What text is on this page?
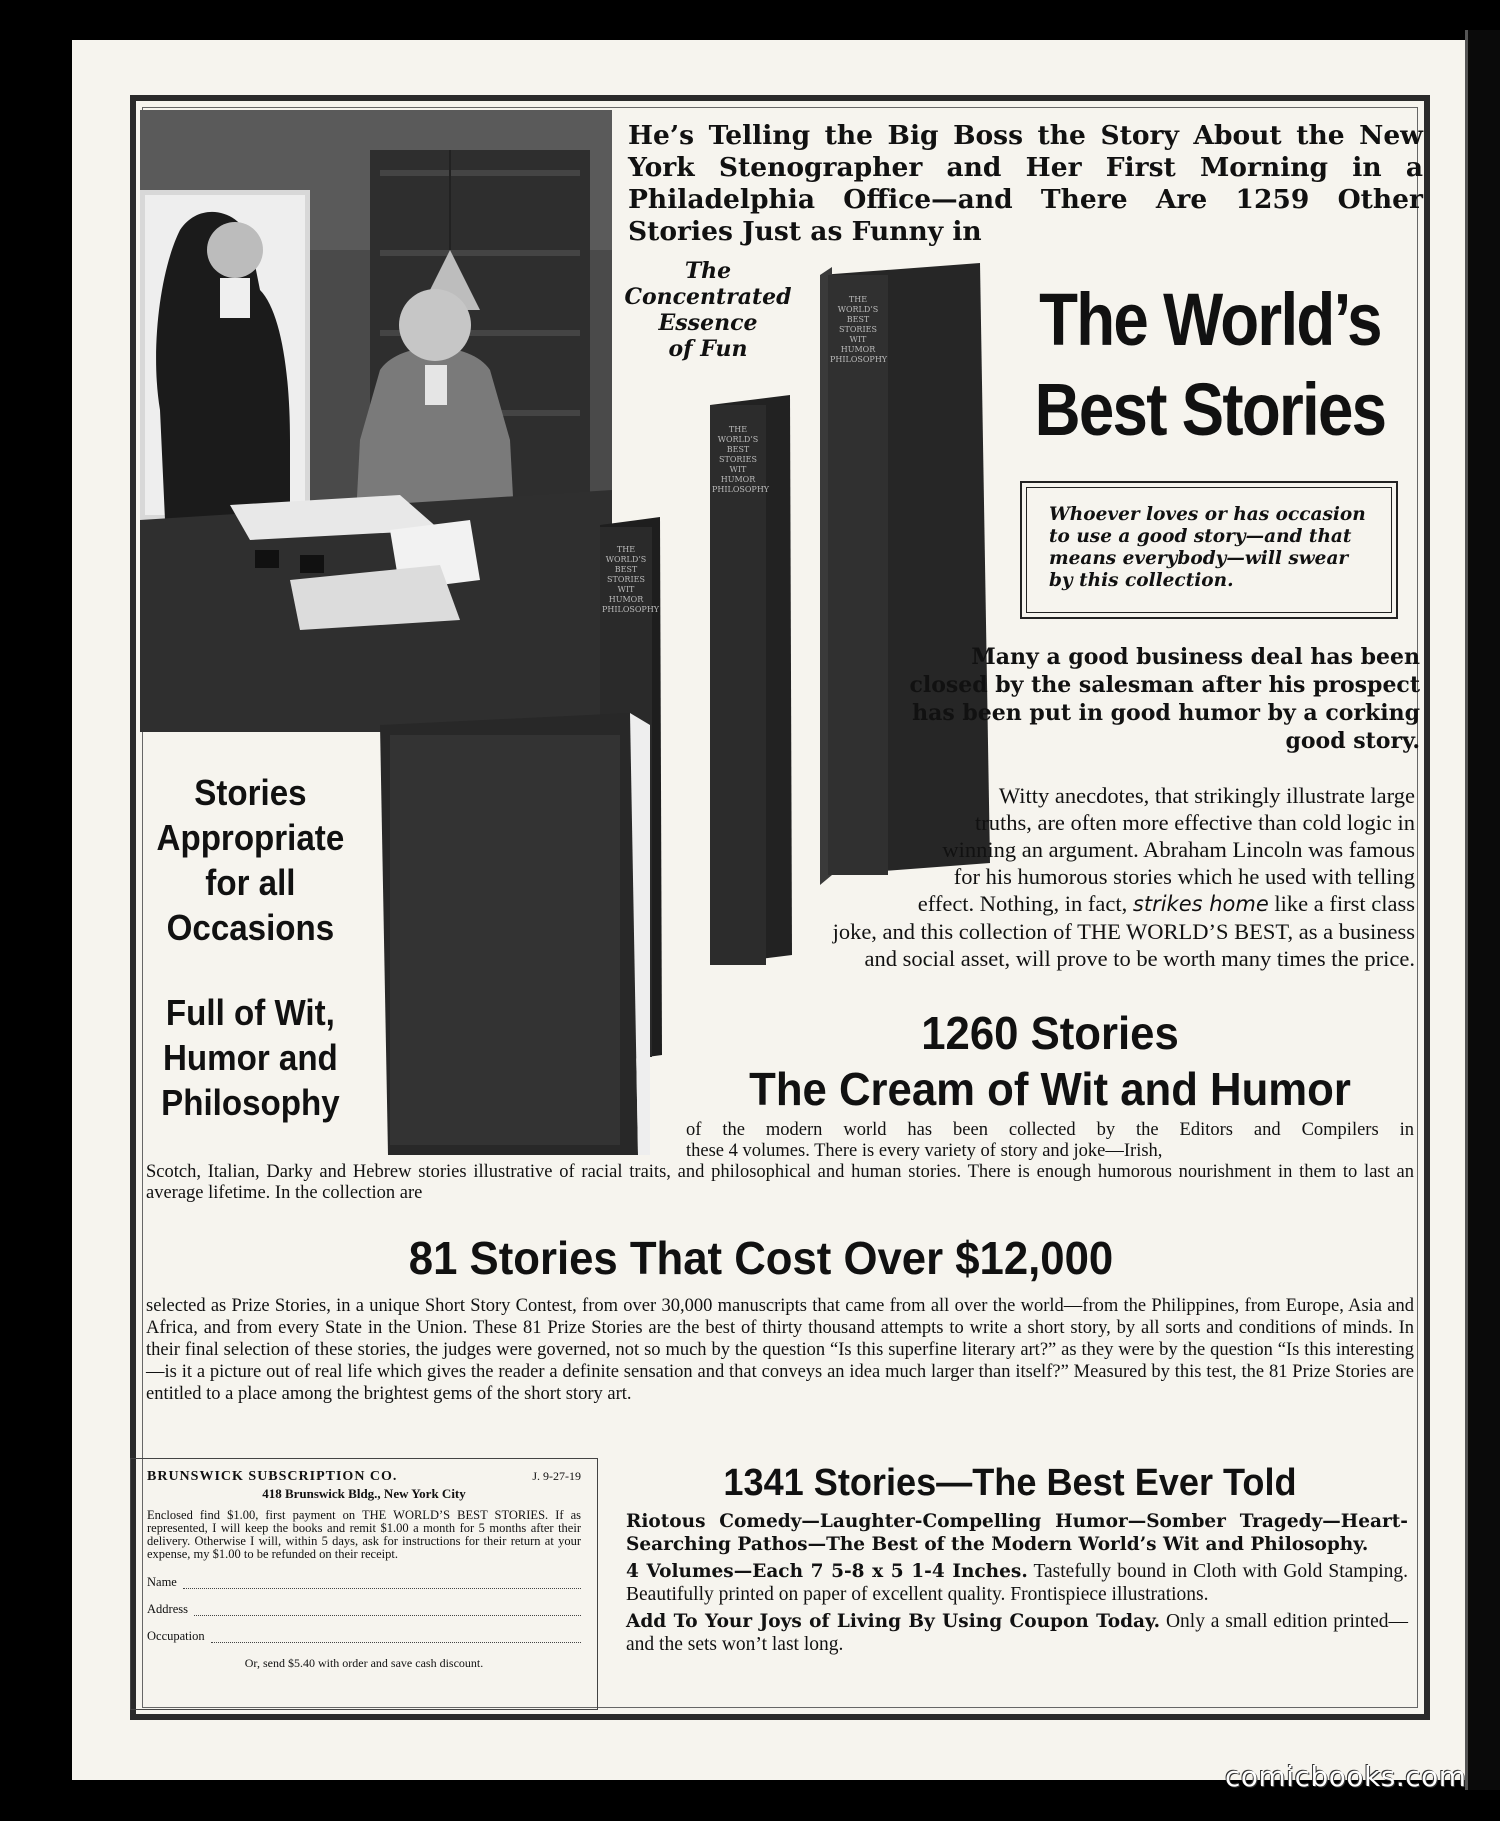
THE WORLD’S
BEST STORIES
WIT
HUMOR
PHILOSOPHY
THE WORLD’S
BEST STORIES
WIT
HUMOR
PHILOSOPHY
THE WORLD’S
BEST STORIES
WIT
HUMOR
PHILOSOPHY
He’s Telling the Big Boss the Story About the New York Stenographer and Her First Morning in a Philadelphia Office—and There Are 1259 Other Stories Just as Funny in
The
Concentrated
Essence
of Fun	The World’s
Best Stories
Whoever loves or has occasion to use a good story—and that means everybody—will swear by this collection.
Many a good business deal has been closed by the salesman after his prospect has been put in good humor by a corking good story.
Witty anecdotes, that strikingly illustrate large
truths, are often more effective than cold logic in
winning an argument. Abraham Lincoln was famous
for his humorous stories which he used with telling
effect. Nothing, in fact, strikes home like a first class
joke, and this collection of THE WORLD’S BEST, as a business
and social asset, will prove to be worth many times the price.
Stories
Appropriate
for all
Occasions
Full of Wit,
Humor and
Philosophy
1260 Stories
The Cream of Wit and Humor
of the modern world has been collected by the Editors and Compilers in
these 4 volumes. There is every variety of story and joke—Irish,
Scotch, Italian, Darky and Hebrew stories illustrative of racial traits, and philosophical and human stories. There is enough humorous nourishment in them to last an average lifetime. In the collection are
81 Stories That Cost Over $12,000
selected as Prize Stories, in a unique Short Story Contest, from over 30,000 manuscripts that came from all over the world—from the Philippines, from Europe, Asia and Africa, and from every State in the Union. These 81 Prize Stories are the best of thirty thousand attempts to write a short story, by all sorts and conditions of minds. In their final selection of these stories, the judges were governed, not so much by the question “Is this superfine literary art?” as they were by the question “Is this interesting—is it a picture out of real life which gives the reader a definite sensation and that conveys an idea much larger than itself?” Measured by this test, the 81 Prize Stories are entitled to a place among the brightest gems of the short story art.
J. 9-27-19
BRUNSWICK SUBSCRIPTION CO.
418 Brunswick Bldg., New York City
Enclosed find $1.00, first payment on THE WORLD’S BEST STORIES. If as represented, I will keep the books and remit $1.00 a month for 5 months after their delivery. Otherwise I will, within 5 days, ask for instructions for their return at your expense, my $1.00 to be refunded on their receipt.
Name
Address
Occupation
Or, send $5.40 with order and save cash discount.
1341 Stories—The Best Ever Told

Riotous Comedy—Laughter-Compelling Humor—Somber Tragedy—Heart-Searching Pathos—The Best of the Modern World’s Wit and Philosophy.

4 Volumes—Each 7 5-8 x 5 1-4 Inches. Tastefully bound in Cloth with Gold Stamping. Beautifully printed on paper of excellent quality. Frontispiece illustrations.

Add To Your Joys of Living By Using Coupon Today. Only a small edition printed—and the sets won’t last long.

comicbooks.com
